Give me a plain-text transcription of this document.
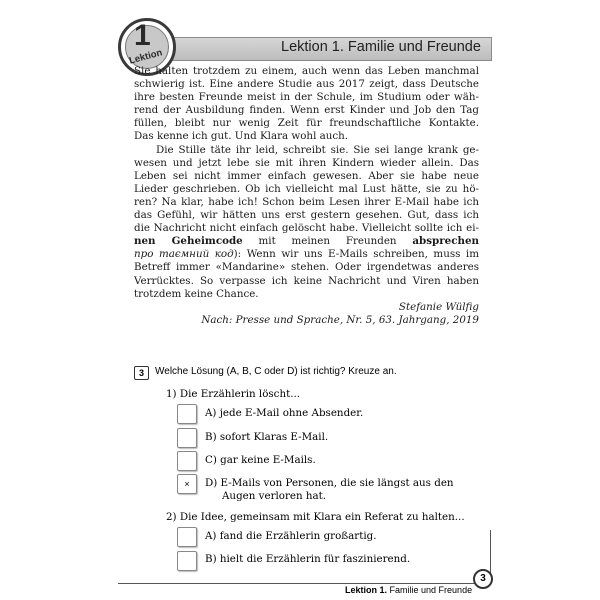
Lektion 1. Familie und Freunde
1
Lektion
Sie halten trotzdem zu einem, auch wenn das Leben manchmal
schwierig ist. Eine andere Studie aus 2017 zeigt, dass Deutsche
ihre besten Freunde meist in der Schule, im Studium oder wäh-
rend der Ausbildung finden. Wenn erst Kinder und Job den Tag
füllen, bleibt nur wenig Zeit für freundschaftliche Kontakte.
Das kenne ich gut. Und Klara wohl auch.
Die Stille täte ihr leid, schreibt sie. Sie sei lange krank ge-
wesen und jetzt lebe sie mit ihren Kindern wieder allein. Das
Leben sei nicht immer einfach gewesen. Aber sie habe neue
Lieder geschrieben. Ob ich vielleicht mal Lust hätte, sie zu hö-
ren? Na klar, habe ich! Schon beim Lesen ihrer E-Mail habe ich
das Gefühl, wir hätten uns erst gestern gesehen. Gut, dass ich
die Nachricht nicht einfach gelöscht habe. Vielleicht sollte ich ei-
nen Geheimcode mit meinen Freunden absprechen
про таємний код): Wenn wir uns E-Mails schreiben, muss im
Betreff immer «Mandarine» stehen. Oder irgendetwas anderes
Verrücktes. So verpasse ich keine Nachricht und Viren haben
trotzdem keine Chance.
Stefanie Wülfig
Nach: Presse und Sprache, Nr. 5, 63. Jahrgang, 2019
3	Welche Lösung (A, B, C oder D) ist richtig? Kreuze an.
1) Die Erzählerin löscht...
A) jede E-Mail ohne Absender.
B) sofort Klaras E-Mail.
C) gar keine E-Mails.
×	D) E-Mails von Personen, die sie längst aus den
Augen verloren hat.
2) Die Idee, gemeinsam mit Klara ein Referat zu halten...
A) fand die Erzählerin großartig.
B) hielt die Erzählerin für faszinierend.
Lektion 1. Familie und Freunde
3
